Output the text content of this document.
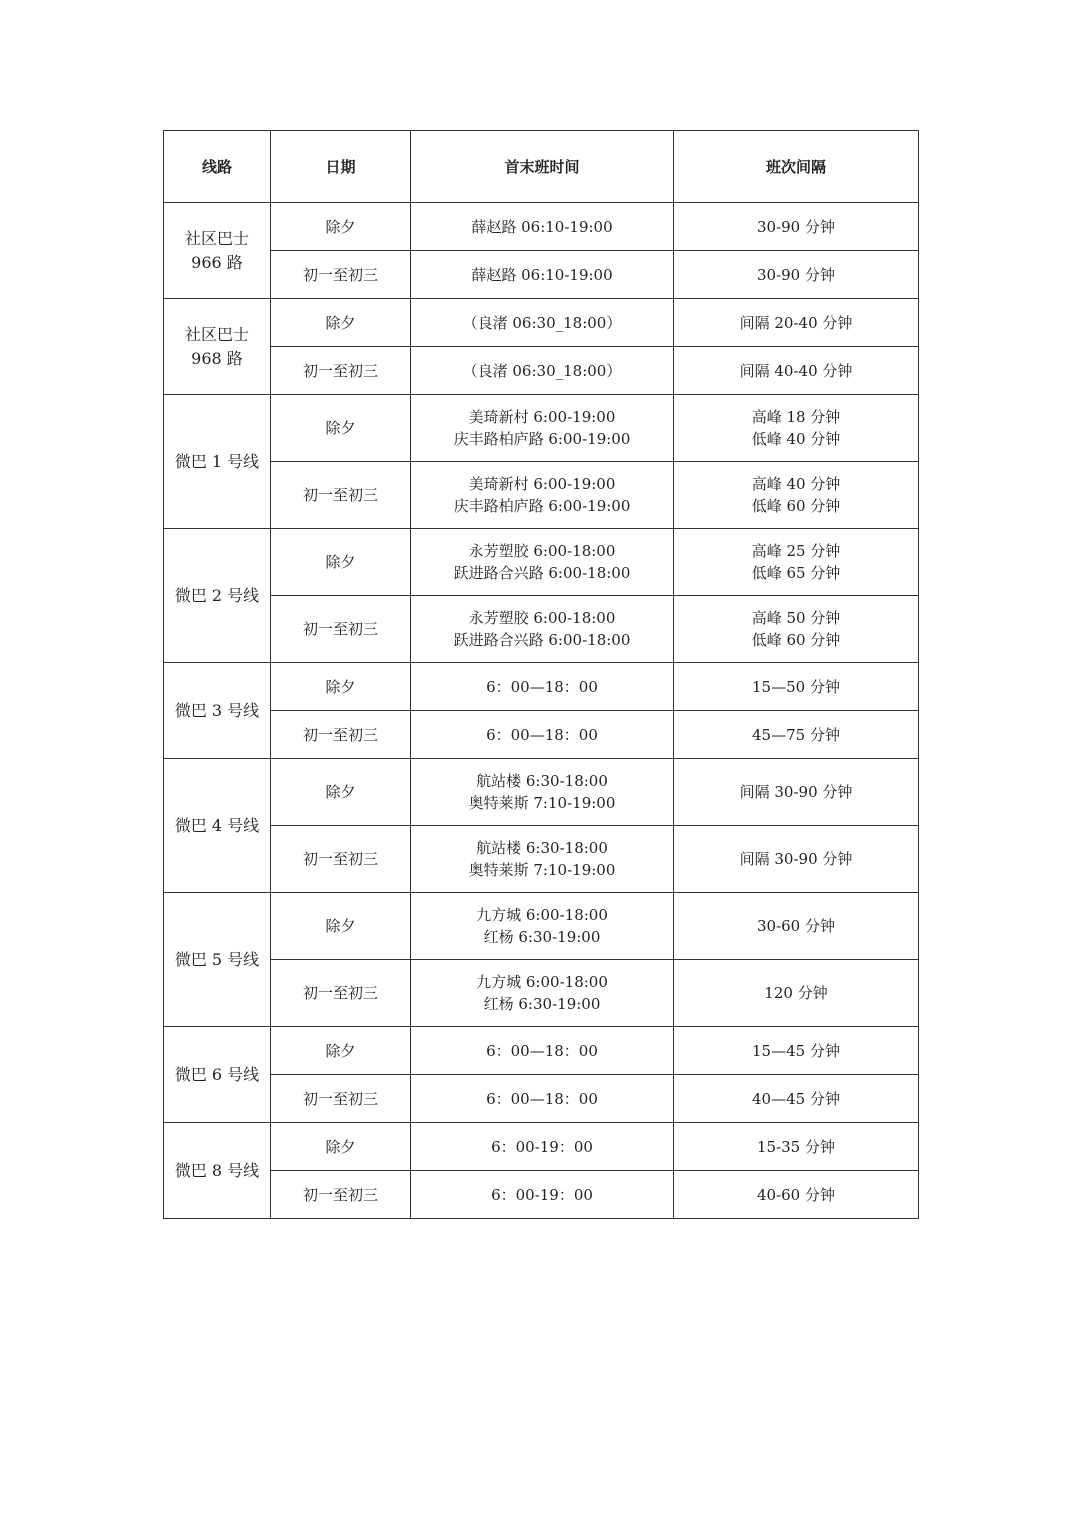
线路	日期	首末班时间	班次间隔

社区巴士
966 路	除夕	薛赵路 06:10-19:00	30-90 分钟

	初一至初三	薛赵路 06:10-19:00	30-90 分钟

社区巴士
968 路	除夕	（良渚 06:30_18:00）	间隔 20-40 分钟

	初一至初三	（良渚 06:30_18:00）	间隔 40-40 分钟

微巴 1 号线	除夕	美琦新村 6:00-19:00
庆丰路柏庐路 6:00-19:00	高峰 18 分钟
低峰 40 分钟

	初一至初三	美琦新村 6:00-19:00
庆丰路柏庐路 6:00-19:00	高峰 40 分钟
低峰 60 分钟

微巴 2 号线	除夕	永芳塑胶 6:00-18:00
跃进路合兴路 6:00-18:00	高峰 25 分钟
低峰 65 分钟

	初一至初三	永芳塑胶 6:00-18:00
跃进路合兴路 6:00-18:00	高峰 50 分钟
低峰 60 分钟

微巴 3 号线	除夕	6：00—18：00	15—50 分钟

	初一至初三	6：00—18：00	45—75 分钟

微巴 4 号线	除夕	航站楼 6:30-18:00
奥特莱斯 7:10-19:00	间隔 30-90 分钟

	初一至初三	航站楼 6:30-18:00
奥特莱斯 7:10-19:00	间隔 30-90 分钟

微巴 5 号线	除夕	九方城 6:00-18:00
红杨 6:30-19:00	30-60 分钟

	初一至初三	九方城 6:00-18:00
红杨 6:30-19:00	120 分钟

微巴 6 号线	除夕	6：00—18：00	15—45 分钟

	初一至初三	6：00—18：00	40—45 分钟

微巴 8 号线	除夕	6：00-19：00	15-35 分钟

	初一至初三	6：00-19：00	40-60 分钟
